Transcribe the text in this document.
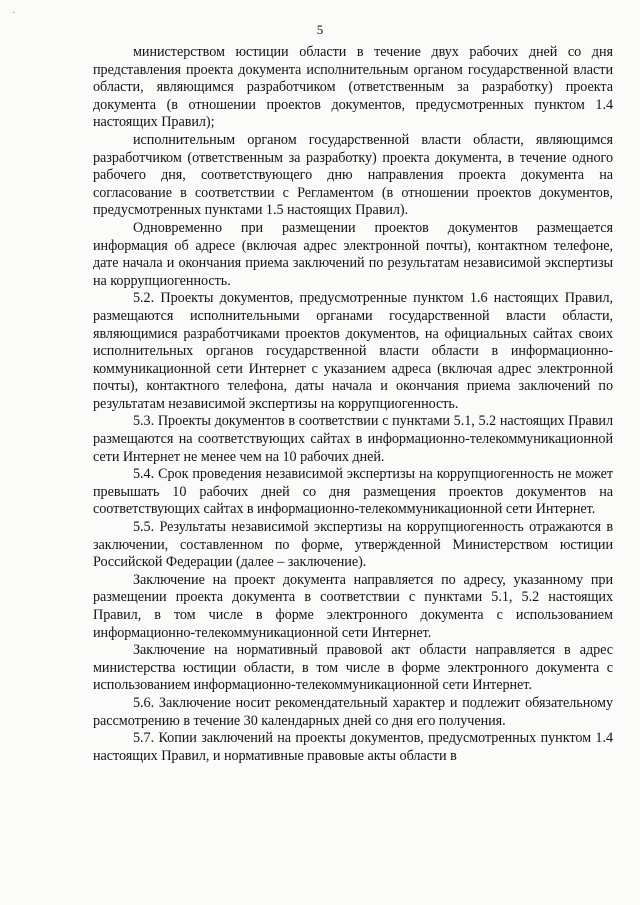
·
5

министерством юстиции области в течение двух рабочих дней со дня представления проекта документа исполнительным органом государственной власти области, являющимся разработчиком (ответственным за разработку) проекта документа (в отношении проектов документов, предусмотренных пунктом 1.4 настоящих Правил);

исполнительным органом государственной власти области, являющимся разработчиком (ответственным за разработку) проекта документа, в течение одного рабочего дня, соответствующего дню направления проекта документа на согласование в соответствии с Регламентом (в отношении проектов документов, предусмотренных пунктами 1.5 настоящих Правил).

Одновременно при размещении проектов документов размещается информация об адресе (включая адрес электронной почты), контактном телефоне, дате начала и окончания приема заключений по результатам независимой экспертизы на коррупциогенность.

5.2. Проекты документов, предусмотренные пунктом 1.6 настоящих Правил, размещаются исполнительными органами государственной власти области, являющимися разработчиками проектов документов, на официальных сайтах своих исполнительных органов государственной власти области в информационно-коммуникационной сети Интернет с указанием адреса (включая адрес электронной почты), контактного телефона, даты начала и окончания приема заключений по результатам независимой экспертизы на коррупциогенность.

5.3. Проекты документов в соответствии с пунктами 5.1, 5.2 настоящих Правил размещаются на соответствующих сайтах в информационно-телекоммуникационной сети Интернет не менее чем на 10 рабочих дней.

5.4. Срок проведения независимой экспертизы на коррупциогенность не может превышать 10 рабочих дней со дня размещения проектов документов на соответствующих сайтах в информационно-телекоммуникационной сети Интернет.

5.5. Результаты независимой экспертизы на коррупциогенность отражаются в заключении, составленном по форме, утвержденной Министерством юстиции Российской Федерации (далее – заключение).

Заключение на проект документа направляется по адресу, указанному при размещении проекта документа в соответствии с пунктами 5.1, 5.2 настоящих Правил, в том числе в форме электронного документа с использованием информационно-телекоммуникационной сети Интернет.

Заключение на нормативный правовой акт области направляется в адрес министерства юстиции области, в том числе в форме электронного документа с использованием информационно-телекоммуникационной сети Интернет.

5.6. Заключение носит рекомендательный характер и подлежит обязательному рассмотрению в течение 30 календарных дней со дня его получения.

5.7. Копии заключений на проекты документов, предусмотренных пунктом 1.4 настоящих Правил, и нормативные правовые акты области в
